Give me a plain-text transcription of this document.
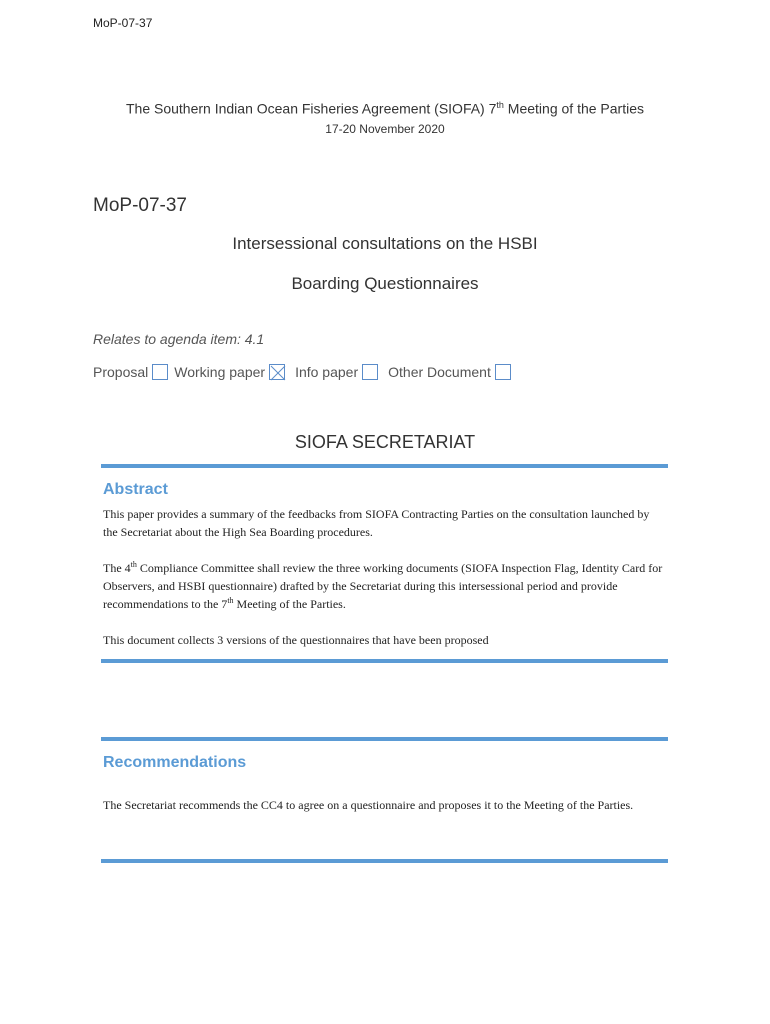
MoP-07-37
The Southern Indian Ocean Fisheries Agreement (SIOFA) 7th Meeting of the Parties
17-20 November 2020
MoP-07-37
Intersessional consultations on the HSBI
Boarding Questionnaires
Relates to agenda item: 4.1
Proposal Working paper Info paper Other Document
SIOFA SECRETARIAT
Abstract
This paper provides a summary of the feedbacks from SIOFA Contracting Parties on the consultation launched by the Secretariat about the High Sea Boarding procedures.
The 4th Compliance Committee shall review the three working documents (SIOFA Inspection Flag, Identity Card for Observers, and HSBI questionnaire) drafted by the Secretariat during this intersessional period and provide recommendations to the 7th Meeting of the Parties.
This document collects 3 versions of the questionnaires that have been proposed
Recommendations
The Secretariat recommends the CC4 to agree on a questionnaire and proposes it to the Meeting of the Parties.
